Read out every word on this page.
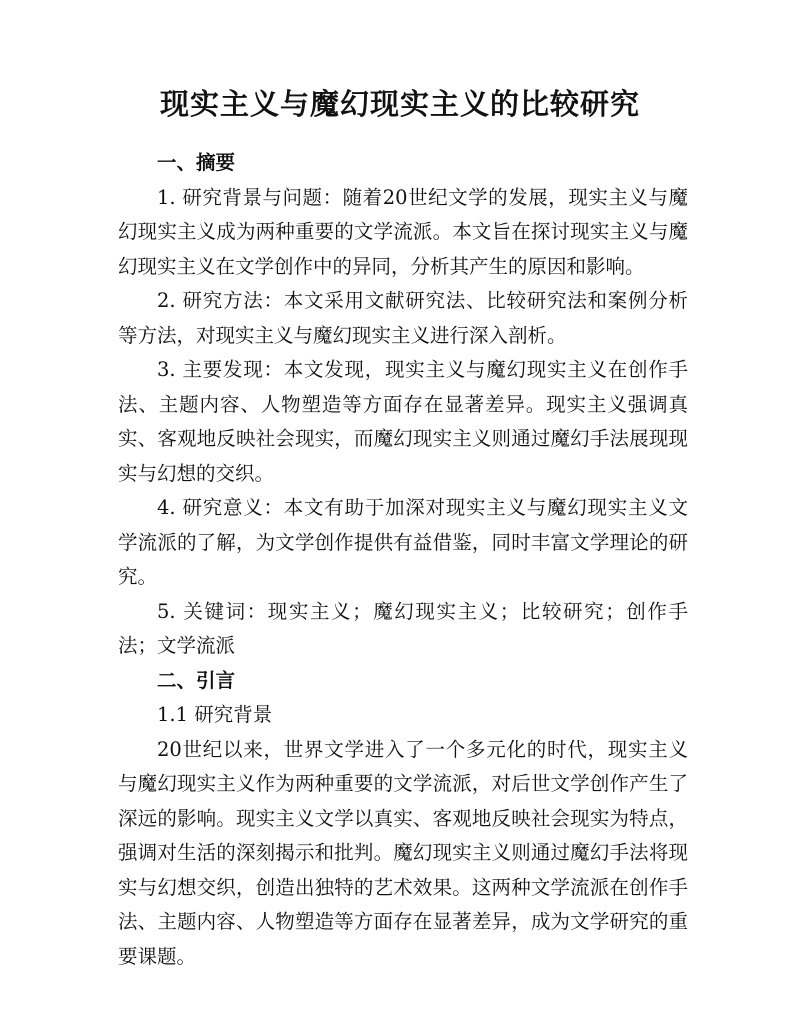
现实主义与魔幻现实主义的比较研究

一、摘要

1. 研究背景与问题：随着20世纪文学的发展，现实主义与魔幻现实主义成为两种重要的文学流派。本文旨在探讨现实主义与魔幻现实主义在文学创作中的异同，分析其产生的原因和影响。

2. 研究方法：本文采用文献研究法、比较研究法和案例分析等方法，对现实主义与魔幻现实主义进行深入剖析。

3. 主要发现：本文发现，现实主义与魔幻现实主义在创作手法、主题内容、人物塑造等方面存在显著差异。现实主义强调真实、客观地反映社会现实，而魔幻现实主义则通过魔幻手法展现现实与幻想的交织。

4. 研究意义：本文有助于加深对现实主义与魔幻现实主义文学流派的了解，为文学创作提供有益借鉴，同时丰富文学理论的研究。

5. 关键词：现实主义；魔幻现实主义；比较研究；创作手法；文学流派

二、引言

1.1 研究背景

20世纪以来，世界文学进入了一个多元化的时代，现实主义与魔幻现实主义作为两种重要的文学流派，对后世文学创作产生了深远的影响。现实主义文学以真实、客观地反映社会现实为特点，强调对生活的深刻揭示和批判。魔幻现实主义则通过魔幻手法将现实与幻想交织，创造出独特的艺术效果。这两种文学流派在创作手法、主题内容、人物塑造等方面存在显著差异，成为文学研究的重要课题。
